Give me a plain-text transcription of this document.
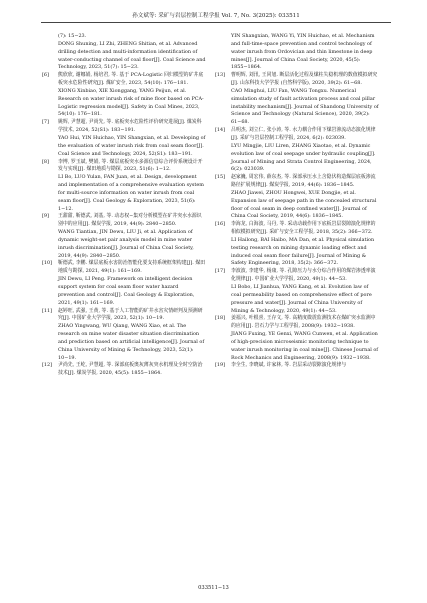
孙文斌等: 采矿与岩层控制工程学报 Vol. 7, No. 3(2025): 033511

(7): 15−23.

DONG Shuning, LI Zhi, ZHENG Shitian, et al. Advanced drilling detection and multi-information identification of water-conducting channel of coal floor[J]. Coal Science and Technology, 2023, 51(7): 15−23.

[6] 熊欣欣, 谢娜娟, 杨培君, 等. 基于 PCA-Logistic 回归模型的矿井底板突水危险性研究[J]. 煤矿安全, 2023, 54(10): 176−181.

XIONG Xinbiao, XIE Xionggang, YANG Peijun, et al. Research on water inrush risk of mine floor based on PCA-Logistic regression model[J]. Safety in Coal Mines, 2023, 54(10): 176−181.

[7] 姚辉, 尹慧超, 尹尚先, 等. 底板突水危险性评价研究进展[J]. 煤炭科学技术, 2024, 52(S1): 183−191.

YAO Hui, YIN Huichao, YIN Shangxian, et al. Developing of the evaluation of water inrush risk from coal seam floor[J]. Coal Science and Technology, 2024, 52(S1): 183−191.

[8] 李博, 罗玉斌, 樊娟, 等. 煤层底板突水多源信息综合评价系统设计开发与实现[J]. 煤田地质与勘探, 2023, 51(6): 1−12.

LI Bo, LUO Yulan, FAN Juan, et al. Design, development and implementation of a comprehensive evaluation system for multi-source information on water inrush from coal seam floor[J]. Coal Geology & Exploration, 2023, 51(6): 1−12.

[9] 王甜甜, 靳德武, 刘基, 等. 动态权−集对分析模型在矿井突水水源识别中的应用[J]. 煤炭学报, 2019, 44(9): 2840−2850.

WANG Tiantian, JIN Dewu, LIU Ji, et al. Application of dynamic weight-set pair analysis model in mine water inrush discrimination[J]. Journal of China Coal Society, 2019, 44(9): 2840−2850.

[10] 靳德武, 李鹏. 煤层底板水害防治智能化要支持系统框架构建[J]. 煤田地质与勘探, 2021, 49(1): 161−169.

JIN Dewu, LI Peng. Framework on intelligent decision support system for coal seam floor water hazard prevention and control[J]. Coal Geology & Exploration, 2021, 49(1): 161−169.

[11] 赵婷旺, 武强, 王黄, 等. 基于人工智能的矿井水害灾情研判及预测研究[J]. 中国矿业大学学报, 2023, 52(1): 10−19.

ZHAO Yingwang, WU Qiang, WANG Xiao, et al. The research on mine water disaster situation discrimination and prediction based on artificial intelligence[J]. Journal of China University of Mining & Technology, 2023, 52(1): 10−19.

[12] 尹尚先, 王屹, 尹慧超, 等. 深部底板奥灰薄灰突水机理及全时空防治技术[J]. 煤炭学报, 2020, 45(5): 1855−1864.

YIN Shangxian, WANG Yi, YIN Huichao, et al. Mechanism and full-time-space prevention and control technology of water inrush from Ordovician and thin limestone in deep mines[J]. Journal of China Coal Society, 2020, 45(5): 1855−1864.

[13] 曹明辉, 刘汛, 王同旭. 断层活化过程及煤柱失稳机理的数值模拟研究[J]. 山东科技大学学报 (自然科学版), 2020, 39(2): 61−68.

CAO Minghui, LIU Fan, WANG Tongxu. Numerical simulation study of fault activation process and coal pillar instability mechanism[J]. Journal of Shandong University of Science and Technology (Natural Science), 2020, 39(2): 61−68.

[14] 吕明杰, 刘立仁, 张小涛, 等. 水力耦合作用下煤岩渗流动态演化规律[J]. 采矿与岩层控制工程学报, 2024, 6(2): 023039.

LYU Mingjie, LIU Liren, ZHANG Xiaotao, et al. Dynamic evolution law of coal seepage under hydraulic coupling[J]. Journal of Mining and Strata Control Engineering, 2024, 6(2): 023039.

[15] 赵家巍, 周宏伟, 薛东杰, 等. 深部承压水上含隐伏构造煤层底板渗流路径扩展规律[J]. 煤炭学报, 2019, 44(6): 1836−1845.

ZHAO Jiawei, ZHOU Hongwei, XUE Dongjie, et al. Expansion law of seepage path in the concealed structural floor of coal seam in deep confined water[J]. Journal of China Coal Society, 2019, 44(6): 1836−1845.

[16] 李海龙, 白海波, 马丹, 等. 采动动载作用下底板岩层裂隙演化规律的相似模拟研究[J]. 采矿与安全工程学报, 2018, 35(2): 366−372.

LI Hailong, BAI Haibo, MA Dan, et al. Physical simulation testing research on mining dynamic loading effect and induced coal seam floor failure[J]. Journal of Mining & Safety Engineering, 2018, 35(2): 366−372.

[17] 李波波, 李建华, 杨康, 等. 孔隙压力与水分综合作用的煤岩渗透率演化规律[J]. 中国矿业大学学报, 2020, 49(1): 44−53.

LI Bobo, LI Jianhua, YANG Kang, et al. Evolution law of coal permeability based on comprehensive effect of pore pressure and water[J]. Journal of China University of Mining & Technology, 2020, 49(1): 44−53.

[18] 姜福兴, 叶根喜, 王存文, 等. 高精度微震监测技术在煤矿突水监测中的应用[J]. 岩石力学与工程学报, 2008(9): 1932−1938.

JIANG Fuxing, YE Genxi, WANG Cunwen, et al. Application of high-precision microseismic monitoring technique to water inrush monitoring in coal mine[J]. Chinese Journal of Rock Mechanics and Engineering, 2008(9): 1932−1938.

[19] 李全生, 李晓斌, 许家林, 等. 岩层采动裂隙演化规律与

033511−13
